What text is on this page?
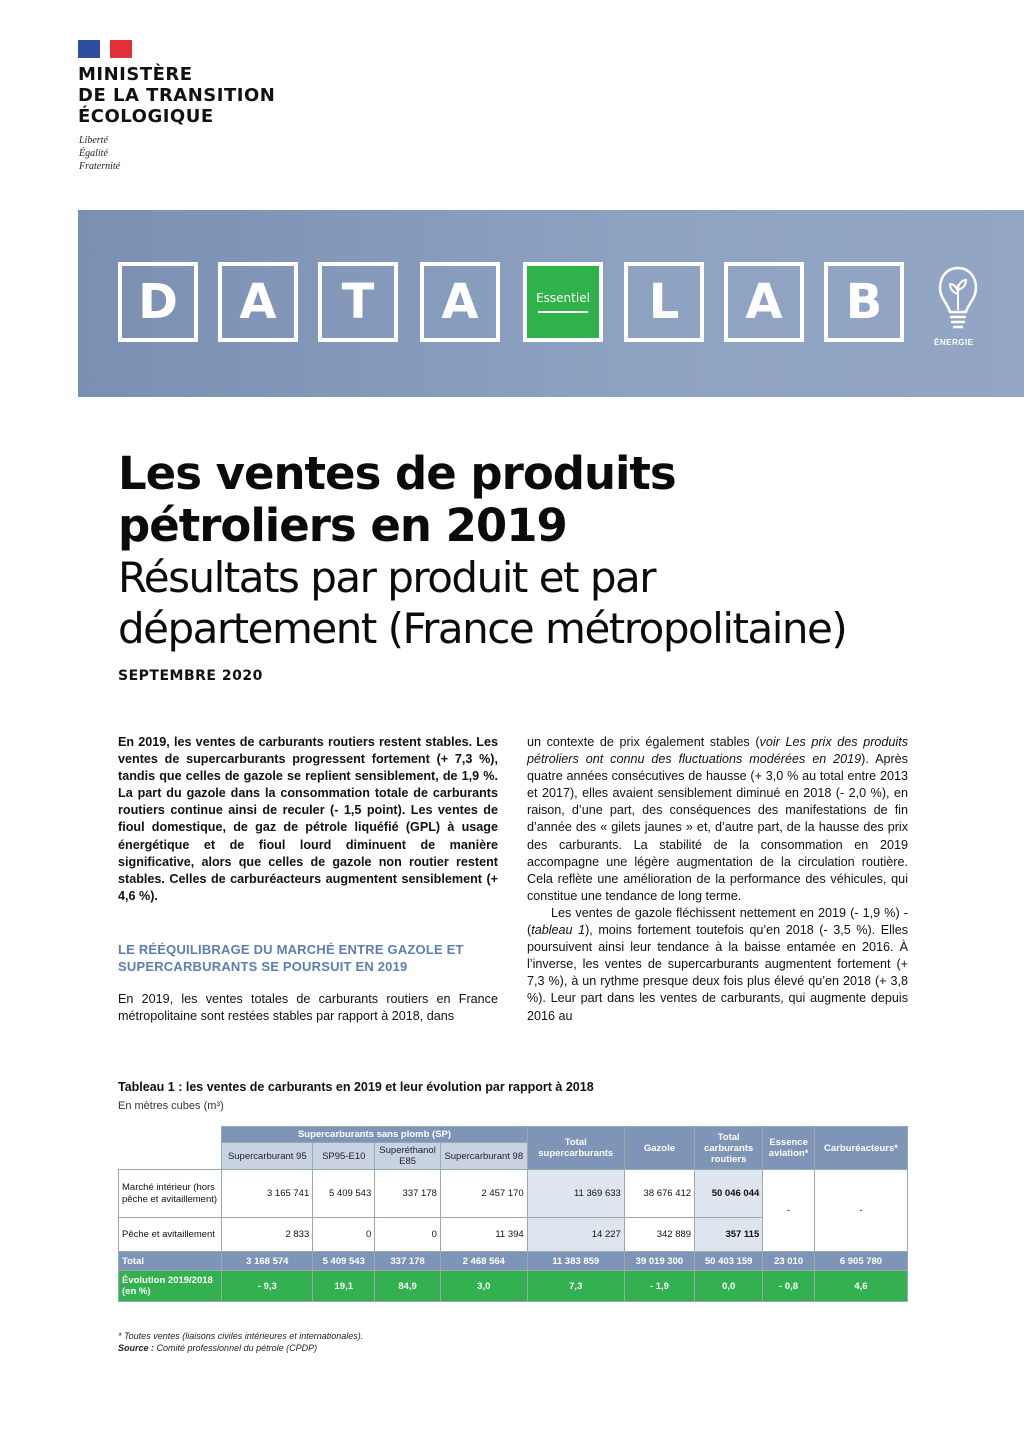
MINISTÈRE
DE LA TRANSITION
ÉCOLOGIQUE
Liberté
Égalité
Fraternité
D	A	T	A	Essentiel	L	A	B
ÉNERGIE
Les ventes de produits
pétroliers en 2019
Résultats par produit et par
département (France métropolitaine)
SEPTEMBRE 2020
En 2019, les ventes de carburants routiers restent stables. Les ventes de supercarburants progressent fortement (+ 7,3 %), tandis que celles de gazole se replient sensiblement, de 1,9 %. La part du gazole dans la consommation totale de carburants routiers continue ainsi de reculer (- 1,5 point). Les ventes de fioul domestique, de gaz de pétrole liquéfié (GPL) à usage énergétique et de fioul lourd diminuent de manière significative, alors que celles de gazole non routier restent stables. Celles de carburéacteurs augmentent sensiblement (+ 4,6 %).
LE RÉÉQUILIBRAGE DU MARCHÉ ENTRE GAZOLE ET SUPERCARBURANTS SE POURSUIT EN 2019
En 2019, les ventes totales de carburants routiers en France métropolitaine sont restées stables par rapport à 2018, dans
un contexte de prix également stables (voir Les prix des produits pétroliers ont connu des fluctuations modérées en 2019). Après quatre années consécutives de hausse (+ 3,0 % au total entre 2013 et 2017), elles avaient sensiblement diminué en 2018 (- 2,0 %), en raison, d’une part, des conséquences des manifestations de fin d’année des « gilets jaunes » et, d’autre part, de la hausse des prix des carburants. La stabilité de la consommation en 2019 accompagne une légère augmentation de la circulation routière. Cela reflète une amélioration de la performance des véhicules, qui constitue une tendance de long terme.
Les ventes de gazole fléchissent nettement en 2019 (- 1,9 %) - (tableau 1), moins fortement toutefois qu’en 2018 (- 3,5 %). Elles poursuivent ainsi leur tendance à la baisse entamée en 2016. À l’inverse, les ventes de supercarburants augmentent fortement (+ 7,3 %), à un rythme presque deux fois plus élevé qu’en 2018 (+ 3,8 %). Leur part dans les ventes de carburants, qui augmente depuis 2016 au
Tableau 1 : les ventes de carburants en 2019 et leur évolution par rapport à 2018
En mètres cubes (m³)
	Supercarburants sans plomb (SP)				Total supercarburants	Gazole	Total carburants routiers	Essence aviation*	Carburéacteurs*
	Supercarburant 95	SP95-E10	Superéthanol E85	Supercarburant 98					
Marché intérieur (hors pêche et avitaillement)	3 165 741	5 409 543	337 178	2 457 170	11 369 633	38 676 412	50 046 044	-	-
Pêche et avitaillement	2 833	0	0	11 394	14 227	342 889	357 115		
Total	3 168 574	5 409 543	337 178	2 468 564	11 383 859	39 019 300	50 403 159	23 010	6 905 780
Évolution 2019/2018 (en %)	- 9,3	19,1	84,9	3,0	7,3	- 1,9	0,0	- 0,8	4,6
* Toutes ventes (liaisons civiles intérieures et internationales).
Source : Comité professionnel du pétrole (CPDP)
